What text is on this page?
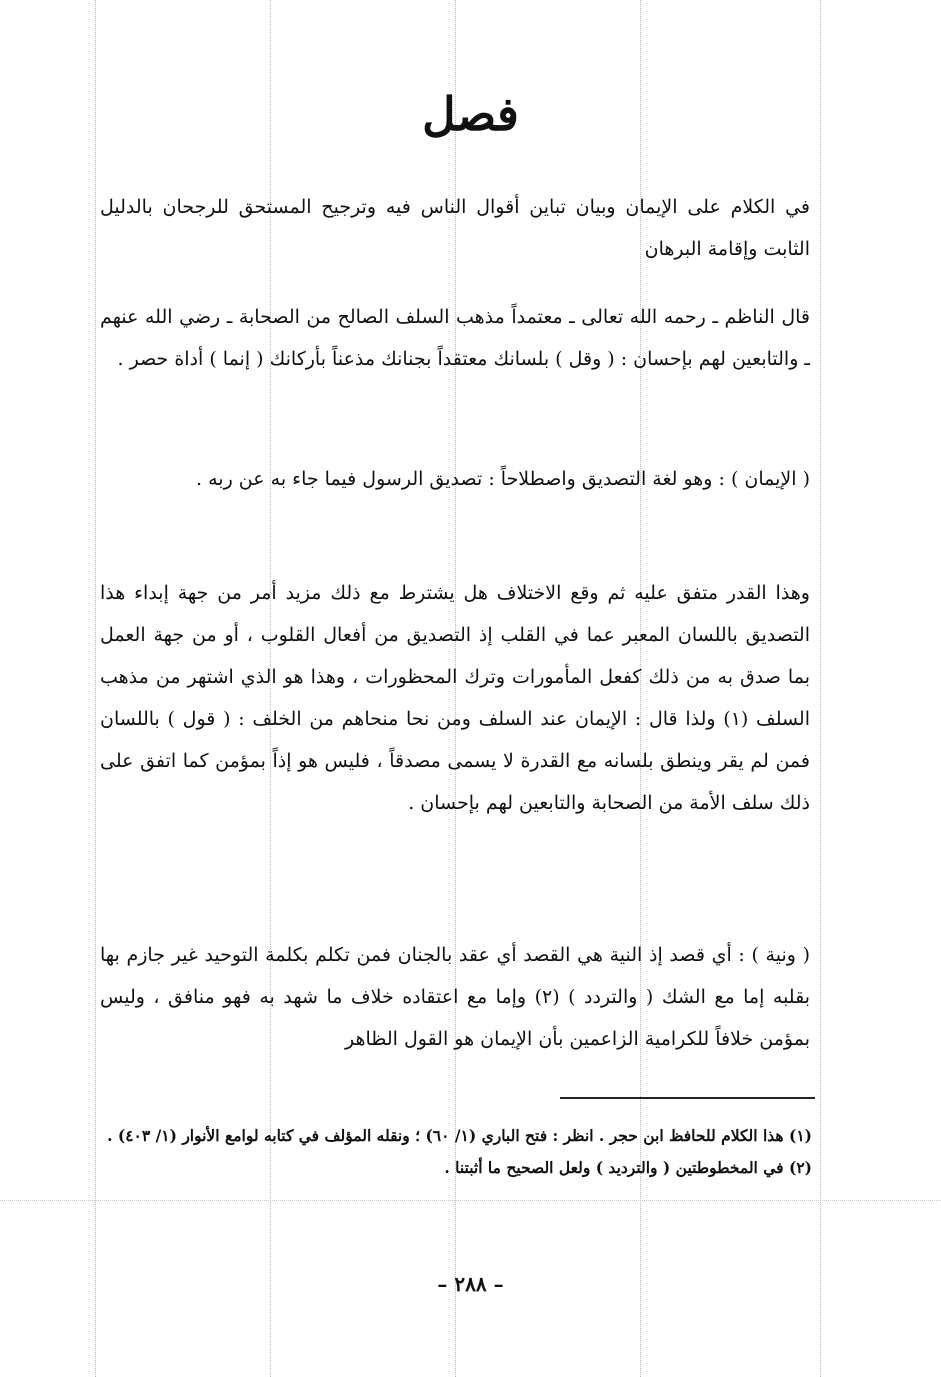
فصل

في الكلام على الإيمان وبيان تباين أقوال الناس فيه وترجيح المستحق للرجحان بالدليل الثابت وإقامة البرهان

قال الناظم ـ رحمه الله تعالى ـ معتمداً مذهب السلف الصالح من الصحابة ـ رضي الله عنهم ـ والتابعين لهم بإحسان : ( وقل ) بلسانك معتقداً بجنانك مذعناً بأركانك ( إنما ) أداة حصر .

( الإيمان ) : وهو لغة التصديق واصطلاحاً : تصديق الرسول فيما جاء به عن ربه .

وهذا القدر متفق عليه ثم وقع الاختلاف هل يشترط مع ذلك مزيد أمر من جهة إبداء هذا التصديق باللسان المعبر عما في القلب إذ التصديق من أفعال القلوب ، أو من جهة العمل بما صدق به من ذلك كفعل المأمورات وترك المحظورات ، وهذا هو الذي اشتهر من مذهب السلف (١) ولذا قال : الإيمان عند السلف ومن نحا منحاهم من الخلف : ( قول ) باللسان فمن لم يقر وينطق بلسانه مع القدرة لا يسمى مصدقاً ، فليس هو إذاً بمؤمن كما اتفق على ذلك سلف الأمة من الصحابة والتابعين لهم بإحسان .

( ونية ) : أي قصد إذ النية هي القصد أي عقد بالجنان فمن تكلم بكلمة التوحيد غير جازم بها بقلبه إما مع الشك ( والتردد ) (٢) وإما مع اعتقاده خلاف ما شهد به فهو منافق ، وليس بمؤمن خلافاً للكرامية الزاعمين بأن الإيمان هو القول الظاهر

(١) هذا الكلام للحافظ ابن حجر . انظر : فتح الباري (١/ ٦٠) ؛ ونقله المؤلف في كتابه لوامع الأنوار (١/ ٤٠٣) .

(٢) في المخطوطتين ( والترديد ) ولعل الصحيح ما أثبتنا .

– ٢٨٨ –
